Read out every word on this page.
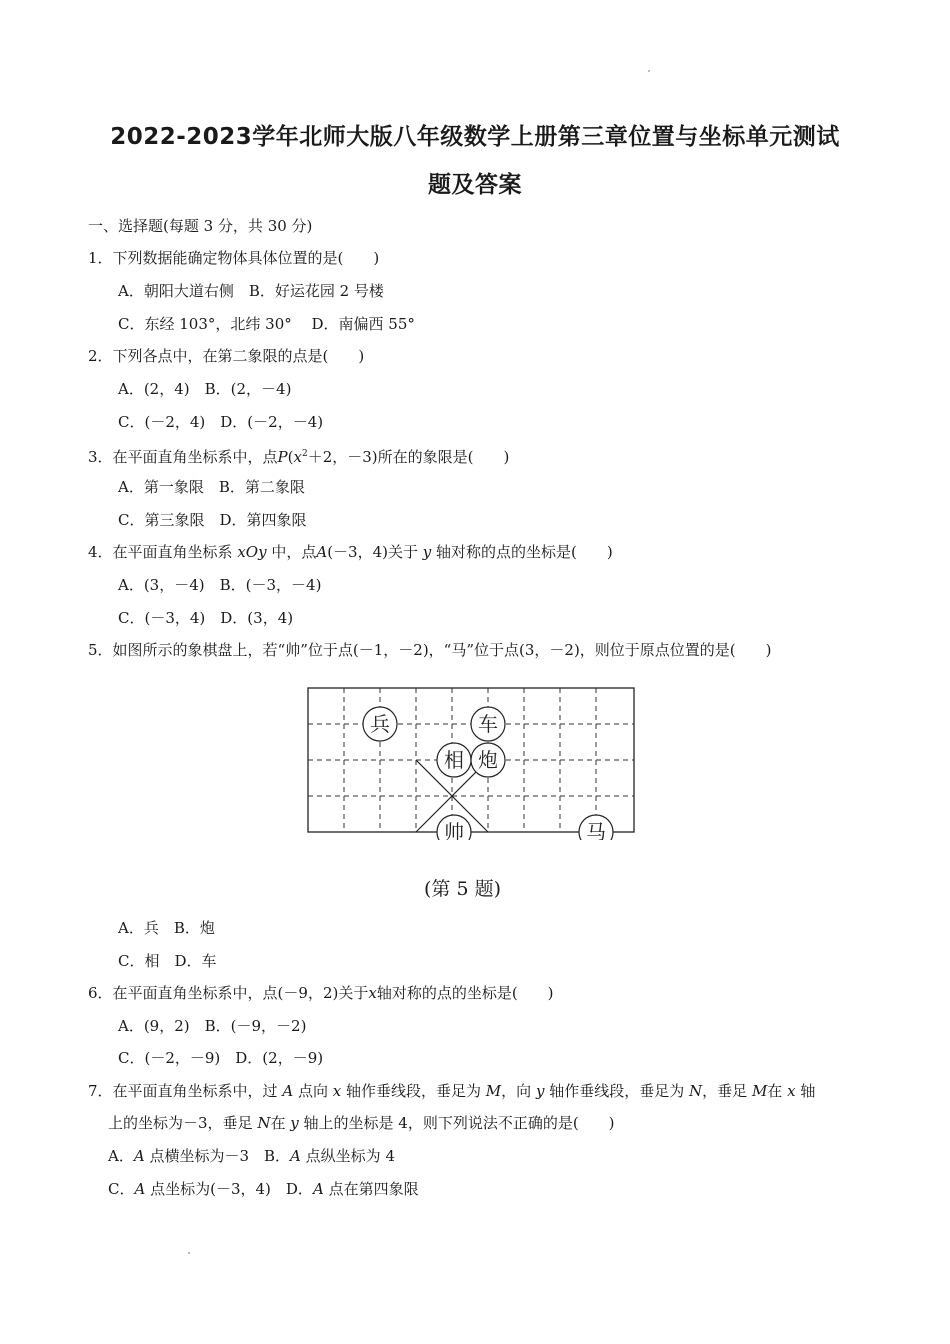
2022-2023学年北师大版八年级数学上册第三章位置与坐标单元测试
题及答案
一、选择题(每题 3 分，共 30 分)
1．下列数据能确定物体具体位置的是(　　)
A．朝阳大道右侧　B．好运花园 2 号楼
C．东经 103°，北纬 30°　 D．南偏西 55°
2．下列各点中，在第二象限的点是(　　)
A．(2，4)　B．(2，－4)
C．(－2，4)　D．(－2，－4)
3．在平面直角坐标系中，点$P(x^2+2$，－3)所在的象限是(　　)
A．第一象限　B．第二象限
C．第三象限　D．第四象限
4．在平面直角坐标系 xOy 中，点A(－3，4)关于 y 轴对称的点的坐标是(　　)
A．(3，－4)　B．(－3，－4)
C．(－3，4)　D．(3，4)
5．如图所示的象棋盘上，若“帅”位于点(－1，－2)，“马”位于点(3，－2)，则位于原点位置的是(　　)
兵	车
相 炮
帅	马
(第 5 题)
A．兵　B．炮
C．相　D．车
6．在平面直角坐标系中，点(－9，2)关于x轴对称的点的坐标是(　　)
A．(9，2)　B．(－9，－2)
C．(－2，－9)　D．(2，－9)
7．在平面直角坐标系中，过 A 点向 x 轴作垂线段，垂足为 M，向 y 轴作垂线段，垂足为 N，垂足 M在 x 轴
上的坐标为－3，垂足 N在 y 轴上的坐标是 4，则下列说法不正确的是(　　)
A．A 点横坐标为－3　B．A 点纵坐标为 4
C．A 点坐标为(－3，4)　D．A 点在第四象限
